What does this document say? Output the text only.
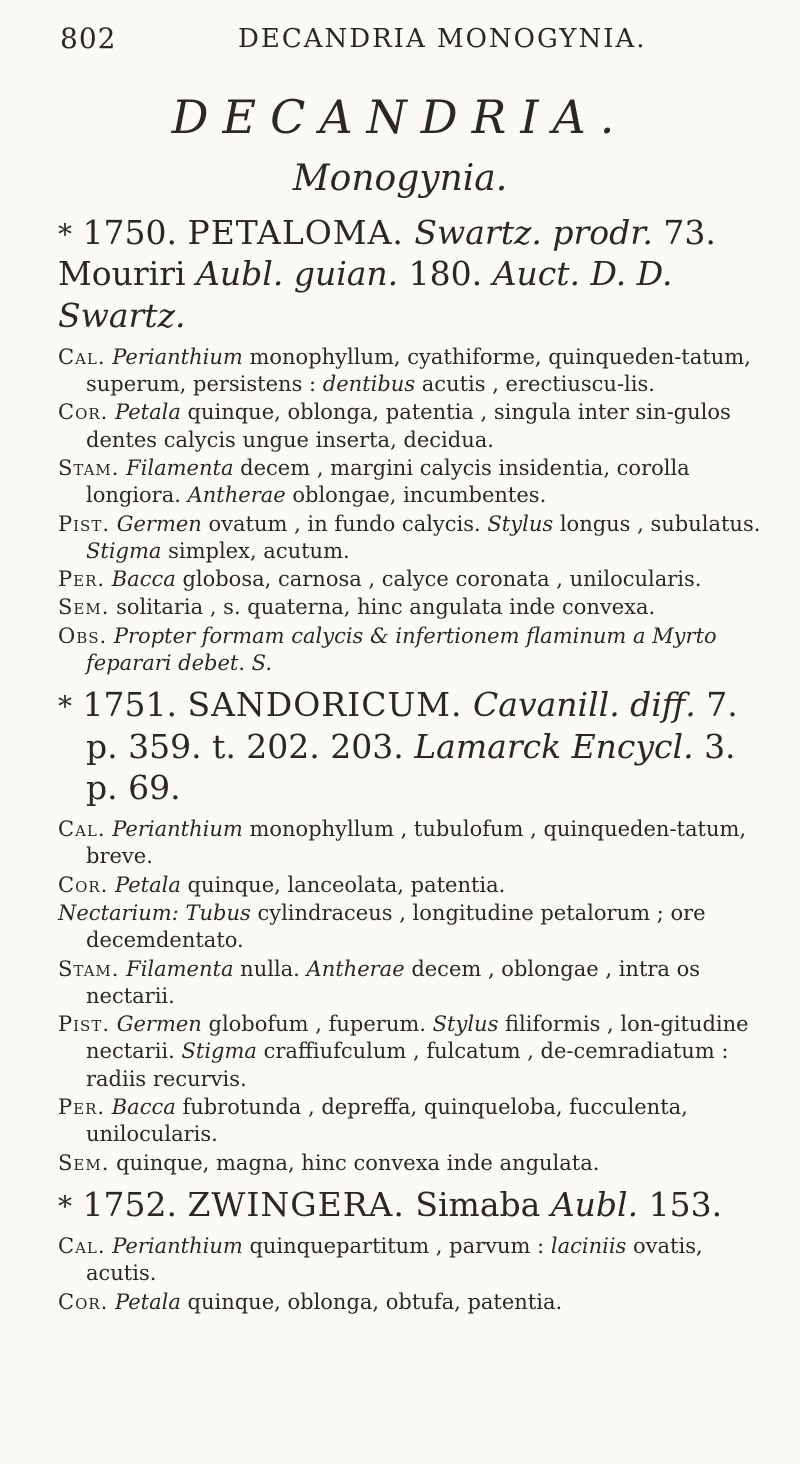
802	DECANDRIA MONOGYNIA.
DECANDRIA.
Monogynia.
* 1750. PETALOMA. Swartz. prodr. 73.
Mouriri Aubl. guian. 180. Auct. D. D.
Swartz.

Cal. Perianthium monophyllum, cyathiforme, quinqueden-tatum, superum, persistens : dentibus acutis , erectiuscu-lis.

Cor. Petala quinque, oblonga, patentia , singula inter sin-gulos dentes calycis ungue inserta, decidua.

Stam. Filamenta decem , margini calycis insidentia, corolla longiora. Antherae oblongae, incumbentes.

Pist. Germen ovatum , in fundo calycis. Stylus longus , subulatus. Stigma simplex, acutum.

Per. Bacca globosa, carnosa , calyce coronata , unilocularis.

Sem. solitaria , s. quaterna, hinc angulata inde convexa.

Obs. Propter formam calycis & infertionem flaminum a Myrto feparari debet. S.

* 1751. SANDORICUM. Cavanill. diff. 7.
p. 359. t. 202. 203. Lamarck Encycl. 3.
p. 69.

Cal. Perianthium monophyllum , tubulofum , quinqueden-tatum, breve.

Cor. Petala quinque, lanceolata, patentia.

Nectarium: Tubus cylindraceus , longitudine petalorum ; ore decemdentato.

Stam. Filamenta nulla. Antherae decem , oblongae , intra os nectarii.

Pist. Germen globofum , fuperum. Stylus filiformis , lon-gitudine nectarii. Stigma craffiufculum , fulcatum , de-cemradiatum : radiis recurvis.

Per. Bacca fubrotunda , depreffa, quinqueloba, fucculenta, unilocularis.

Sem. quinque, magna, hinc convexa inde angulata.

* 1752. ZWINGERA. Simaba Aubl. 153.

Cal. Perianthium quinquepartitum , parvum : laciniis ovatis, acutis.

Cor. Petala quinque, oblonga, obtufa, patentia.
